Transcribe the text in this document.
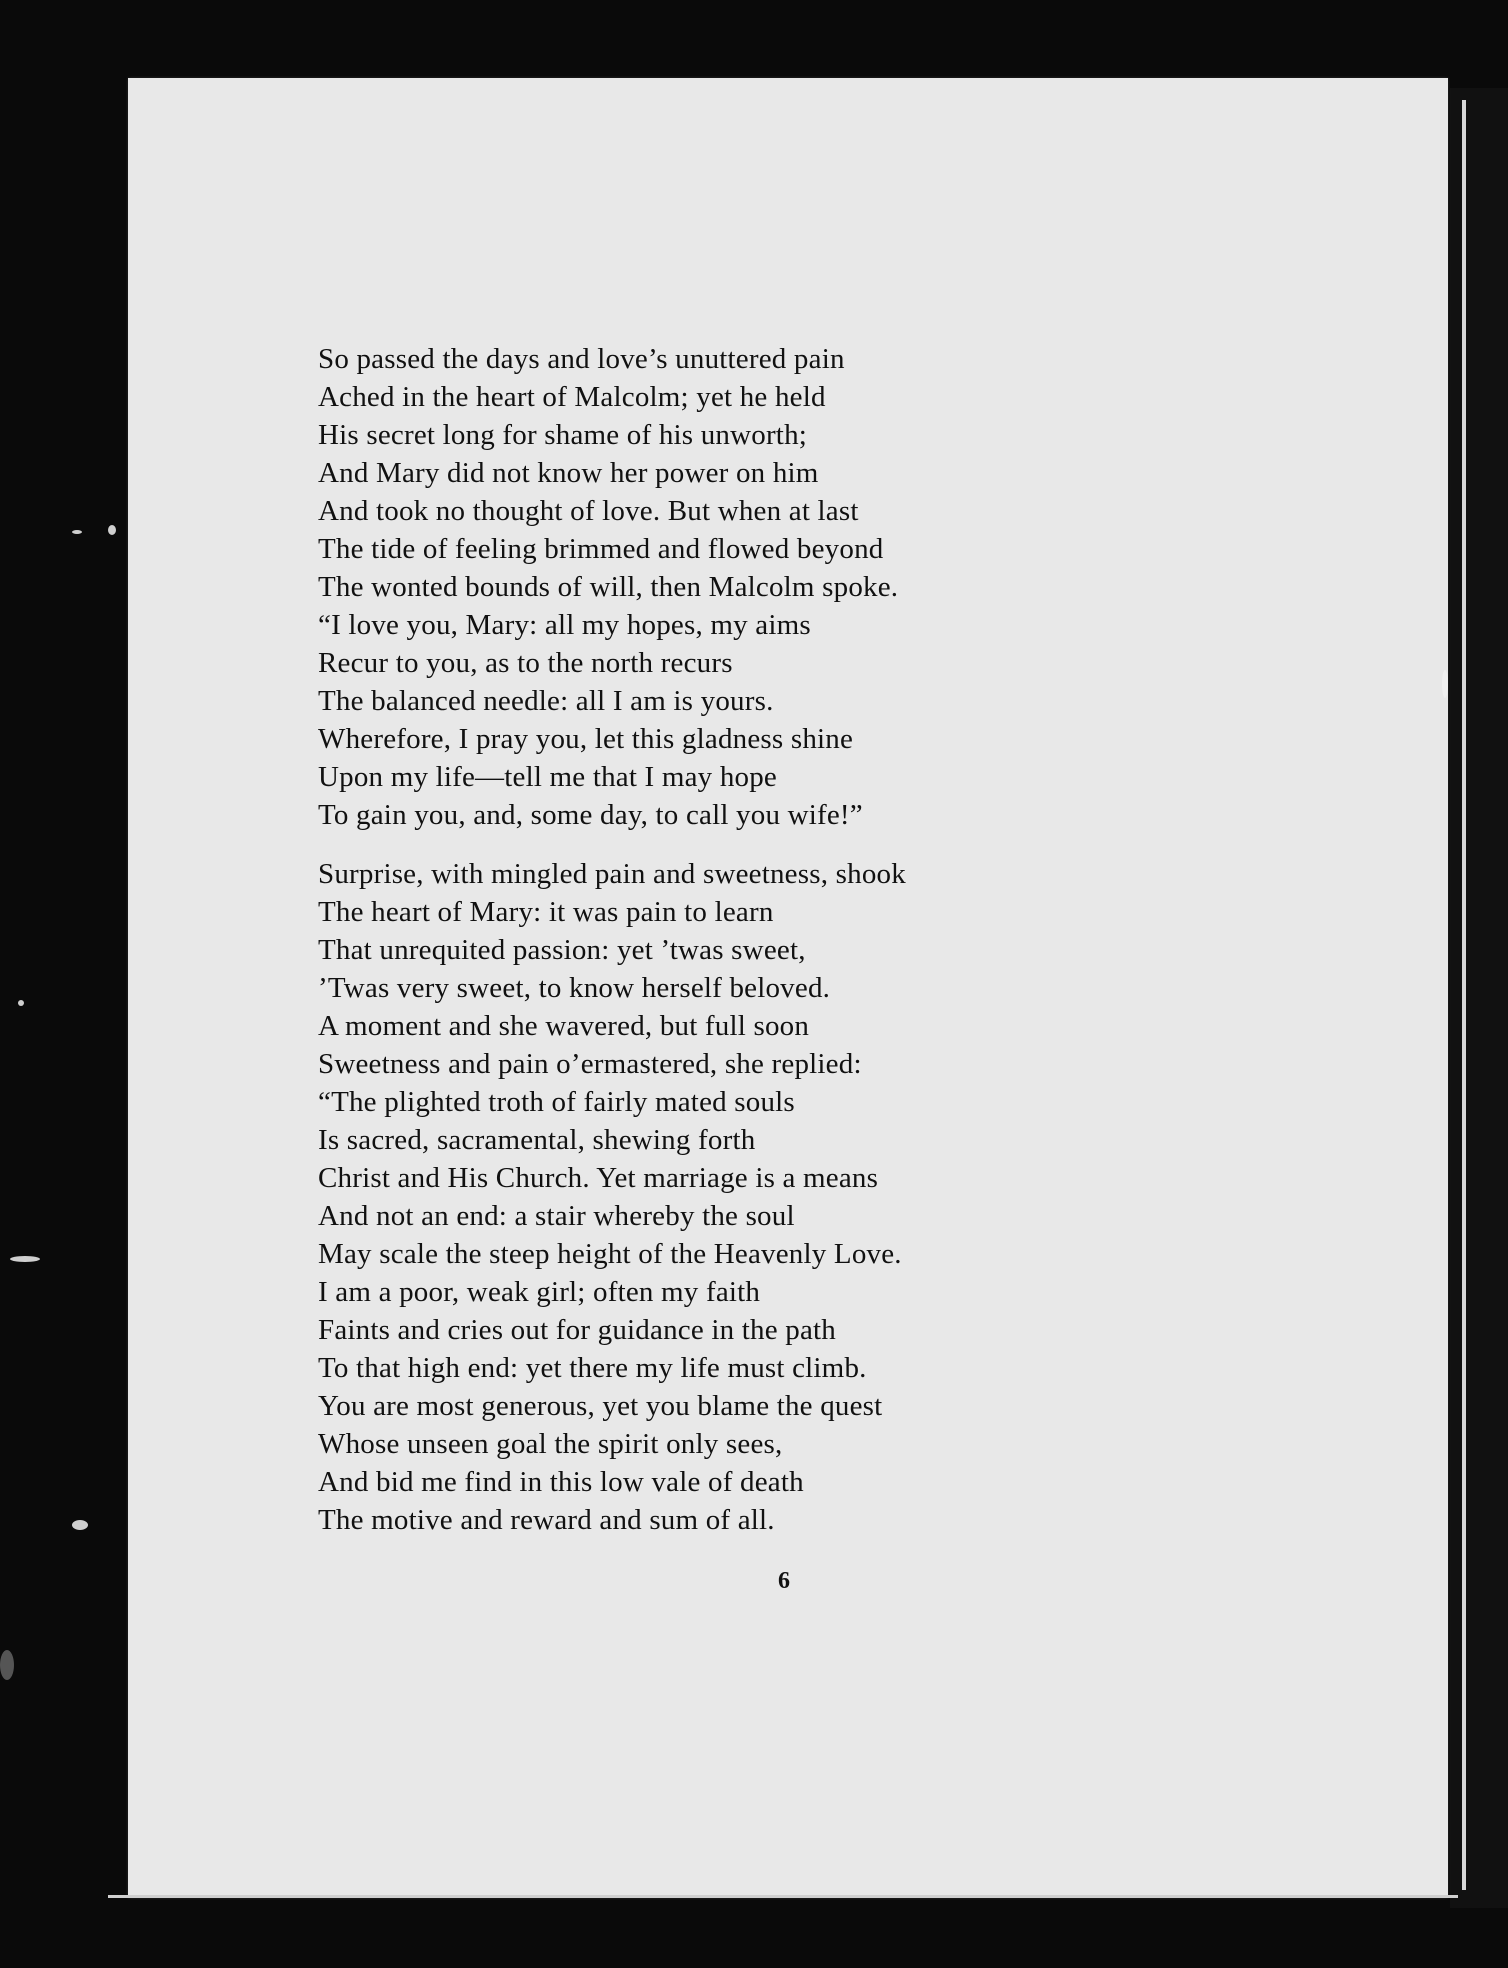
So passed the days and love’s unuttered pain
Ached in the heart of Malcolm; yet he held
His secret long for shame of his unworth;
And Mary did not know her power on him
And took no thought of love. But when at last
The tide of feeling brimmed and flowed beyond
The wonted bounds of will, then Malcolm spoke.
“I love you, Mary: all my hopes, my aims
Recur to you, as to the north recurs
The balanced needle: all I am is yours.
Wherefore, I pray you, let this gladness shine
Upon my life—tell me that I may hope
To gain you, and, some day, to call you wife!”
Surprise, with mingled pain and sweetness, shook
The heart of Mary: it was pain to learn
That unrequited passion: yet ’twas sweet,
’Twas very sweet, to know herself beloved.
A moment and she wavered, but full soon
Sweetness and pain o’ermastered, she replied:
“The plighted troth of fairly mated souls
Is sacred, sacramental, shewing forth
Christ and His Church. Yet marriage is a means
And not an end: a stair whereby the soul
May scale the steep height of the Heavenly Love.
I am a poor, weak girl; often my faith
Faints and cries out for guidance in the path
To that high end: yet there my life must climb.
You are most generous, yet you blame the quest
Whose unseen goal the spirit only sees,
And bid me find in this low vale of death
The motive and reward and sum of all.
6
